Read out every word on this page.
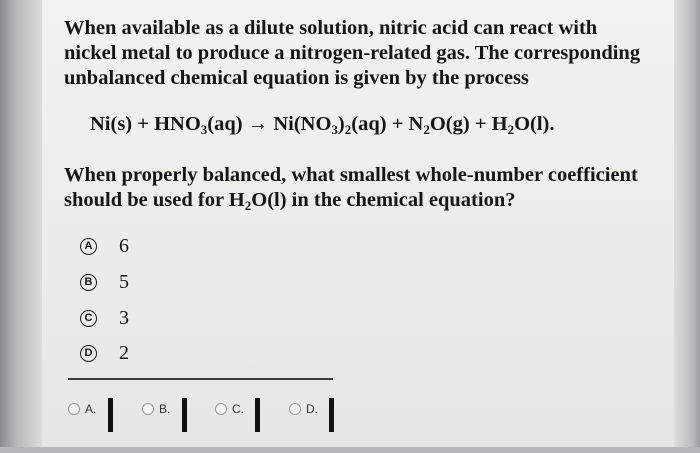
When available as a dilute solution, nitric acid can react with

nickel metal to produce a nitrogen-related gas. The corresponding

unbalanced chemical equation is given by the process

$Ni(s) + HNO_3(aq) \to Ni(NO_3)_2(aq) + N_2O(g) + H_2O(l)$.
When properly balanced, what smallest whole-number coefficient
should be used for $H_2O(l)$ in the chemical equation?
A 6
B 5
C 3
D 2
A.	B.	C.	D.
